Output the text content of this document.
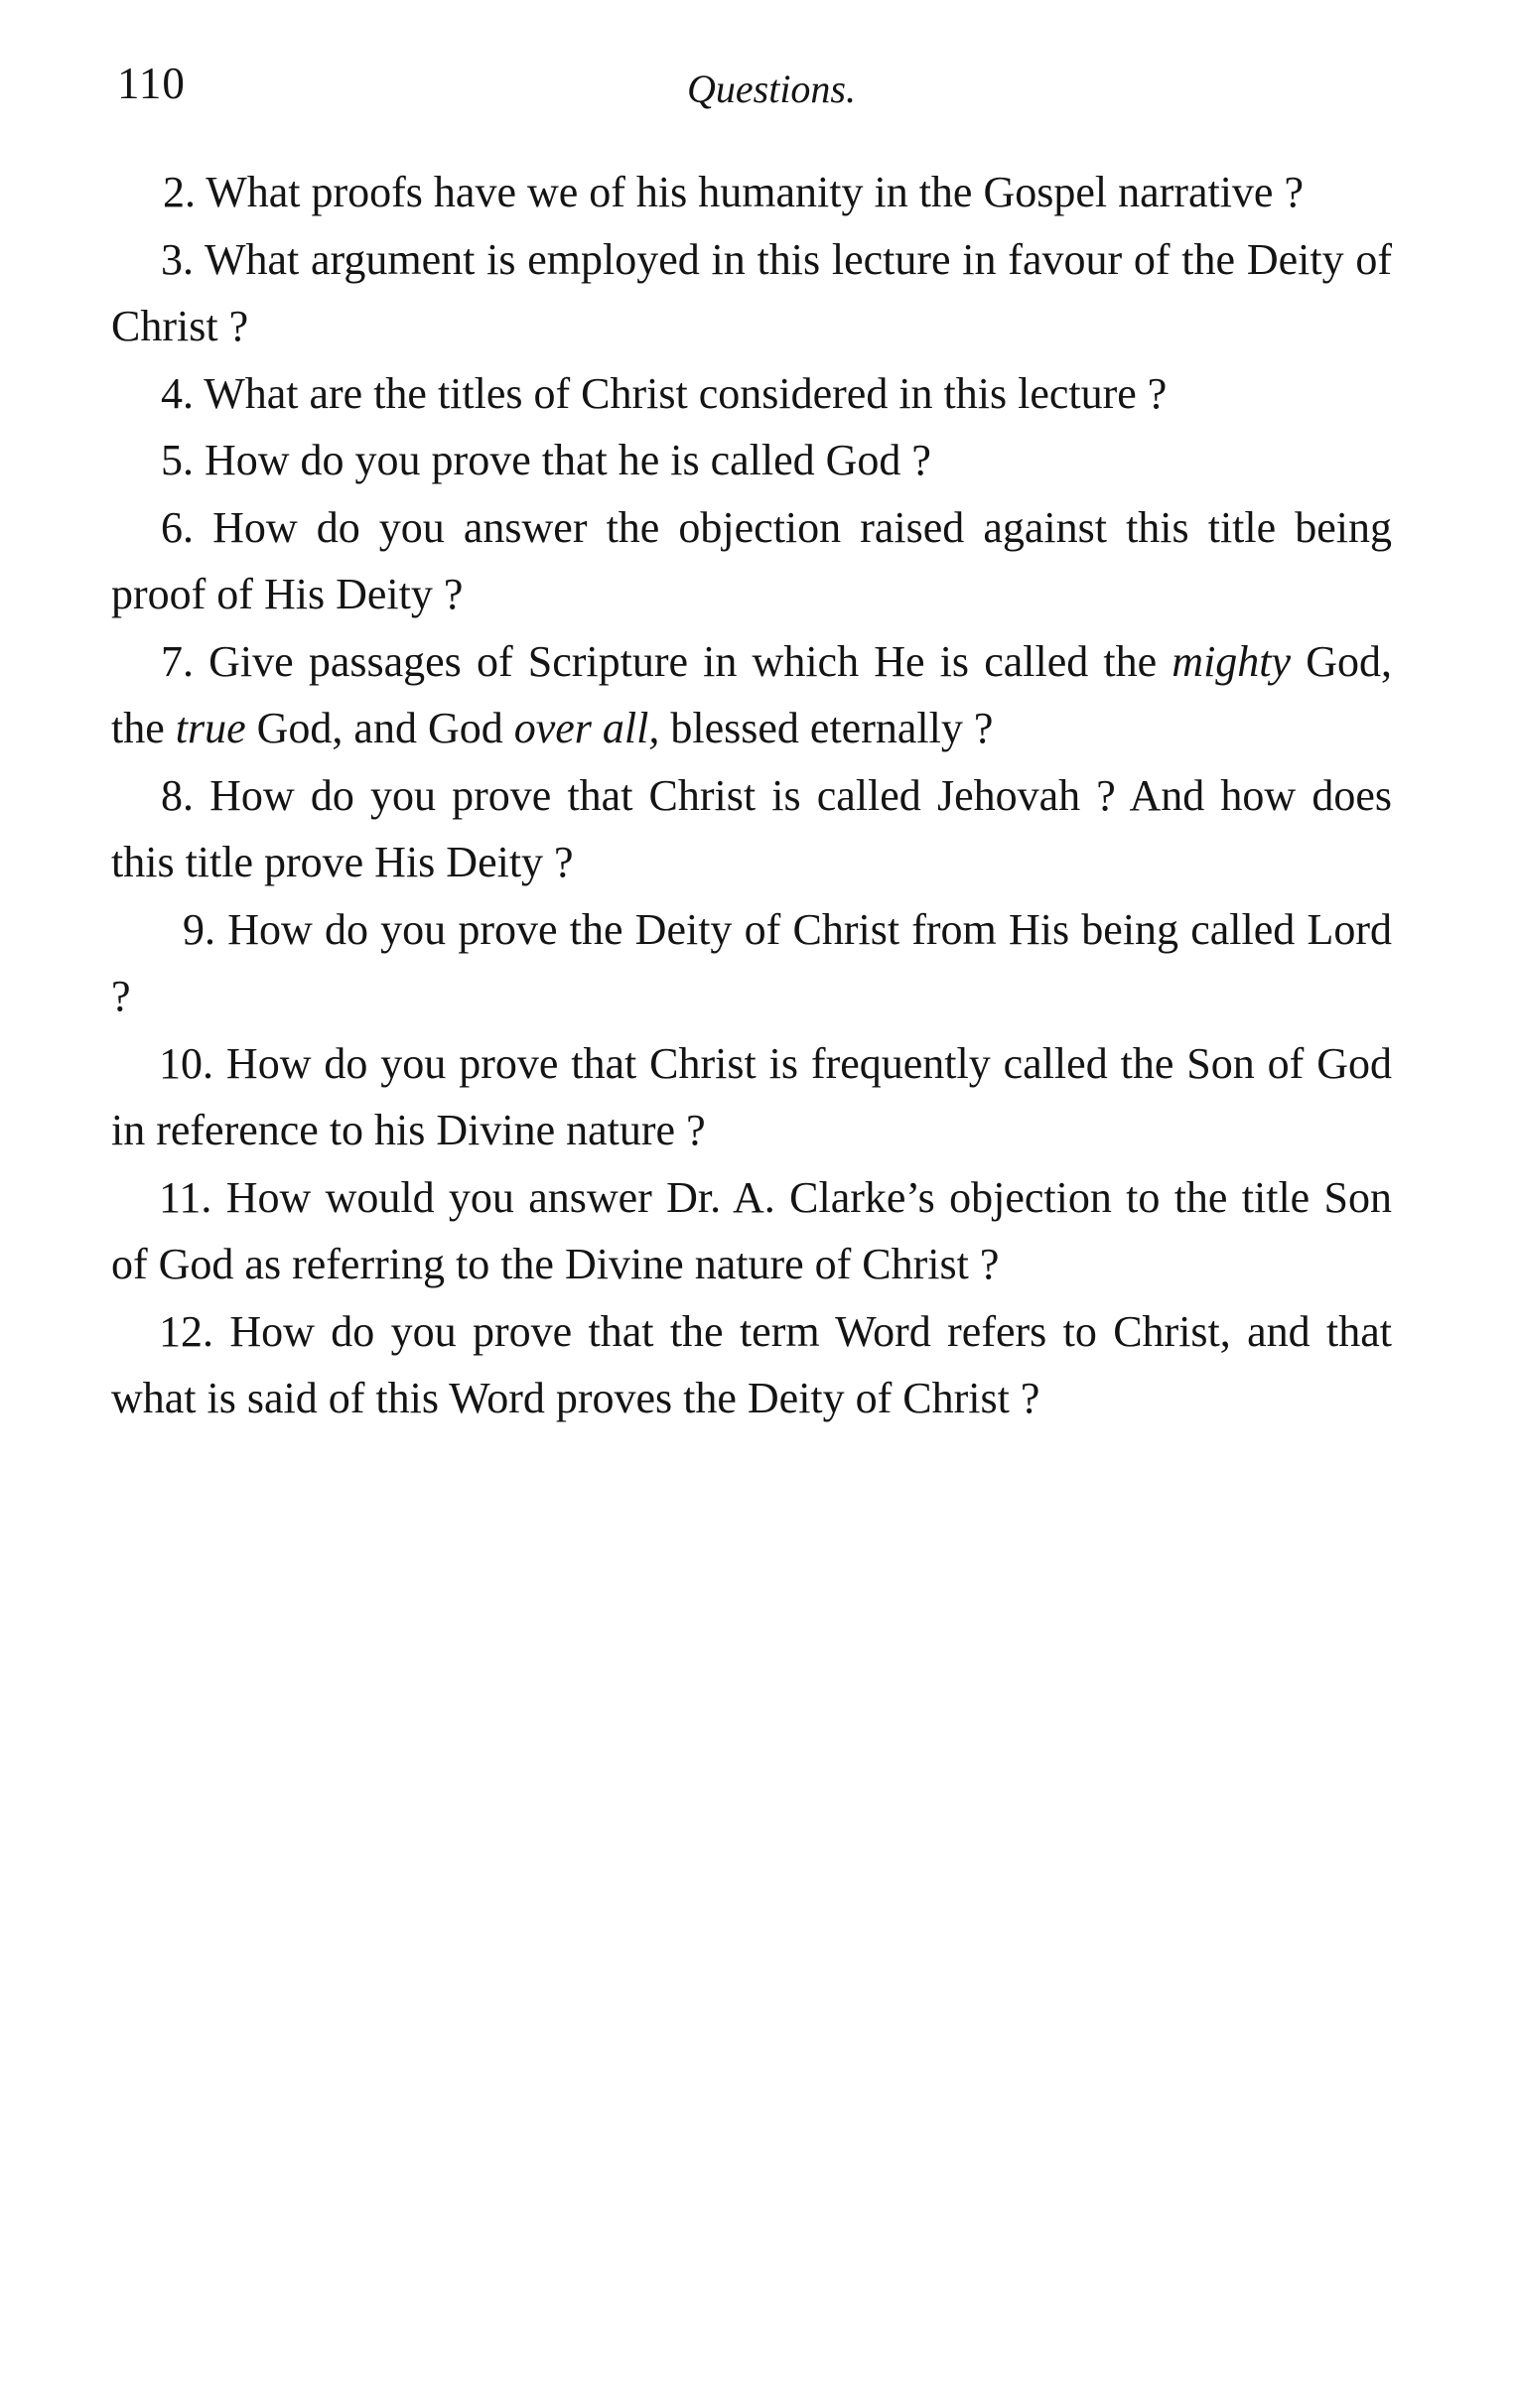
110	Questions.

2. What proofs have we of his humanity in the Gospel narrative ?

3. What argument is employed in this lecture in favour of the Deity of Christ ?

4. What are the titles of Christ considered in this lecture ?

5. How do you prove that he is called God ?

6. How do you answer the objection raised against this title being proof of His Deity ?

7. Give passages of Scripture in which He is called the mighty God, the true God, and God over all, blessed eternally ?

8. How do you prove that Christ is called Jehovah ? And how does this title prove His Deity ?

9. How do you prove the Deity of Christ from His being called Lord ?

10. How do you prove that Christ is frequently called the Son of God in reference to his Divine nature ?

11. How would you answer Dr. A. Clarke’s objection to the title Son of God as referring to the Divine nature of Christ ?

12. How do you prove that the term Word refers to Christ, and that what is said of this Word proves the Deity of Christ ?
